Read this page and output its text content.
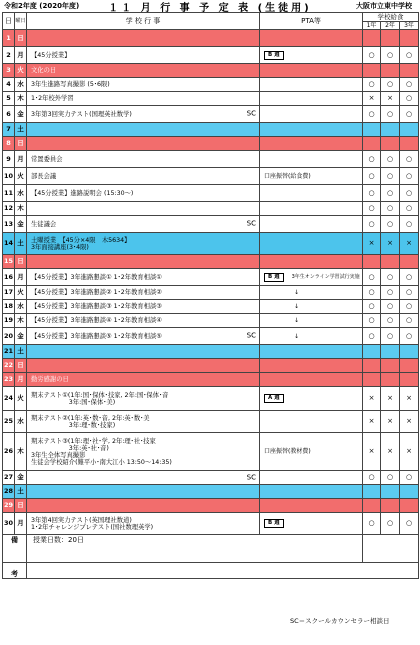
令和2年度 (2020年度)	１１ 月 行 事 予 定 表 (生徒用)	大阪市立東中学校
日	曜日	学 校 行 事	PTA等	学校給食		
				1年	2年	3年
1	日					
2	月	【45分授業】	B 週	○	○	○
3	火	文化の日				
4	水	3年生進路写真撮影 (5･6限)		○	○	○
5	木	1･2年校外学習		×	×	○
6	金	3年第3回実力テスト(国理英社数学) SC		○	○	○
7	土					
8	日					
9	月	常置委員会		○	○	○
10	火	部長会議	口座振替(給食費)	○	○	○
11	水	【45分授業】進路説明会 (15:30～)		○	○	○
12	木			○	○	○
13	金	生徒議会 SC		○	○	○
14	土	土曜授業　【45分×4限　木5634】
3年面接講座(3･4限)		×	×	×
15	日					
16	月	【45分授業】3年進路懇談① 1･2年教育相談①	B 週 3年生オンライン学習試行実施	○	○	○
17	火	【45分授業】3年進路懇談② 1･2年教育相談②	↓	○	○	○
18	水	【45分授業】3年進路懇談③ 1･2年教育相談③	↓	○	○	○
19	木	【45分授業】3年進路懇談④ 1･2年教育相談④	↓	○	○	○
20	金	【45分授業】3年進路懇談⑤ 1･2年教育相談⑤ SC	↓	○	○	○
21	土					
22	日					
23	月	勤労感謝の日				
24	火	期末テスト①(1年:国･保体･技家, 2年:国･保体･音
　　　　　　3年:国･保体･美)	A 週	×	×	×
25	水	期末テスト②(1年:英･数･音, 2年:英･数･美
　　　　　　3年:理･数･技家)		×	×	×
26	木	期末テスト③(1年:理･社･学, 2年:理･社･技家
　　　　　　3年:英･社･音)
3年生全体写真撮影
生徒会学校紹介(難平小･南大江小 13:50～14:35)	口座振替(教材費)	×	×	×
27	金	SC		○	○	○
28	土					
29	日					
30	月	3年第4回実力テスト(英国理社数道)
1･2年チャレンジプレテスト(国社数理英学)	B 週	○	○	○
備		授業日数：20日				
考						
SC＝スクールカウンセラー相談日
